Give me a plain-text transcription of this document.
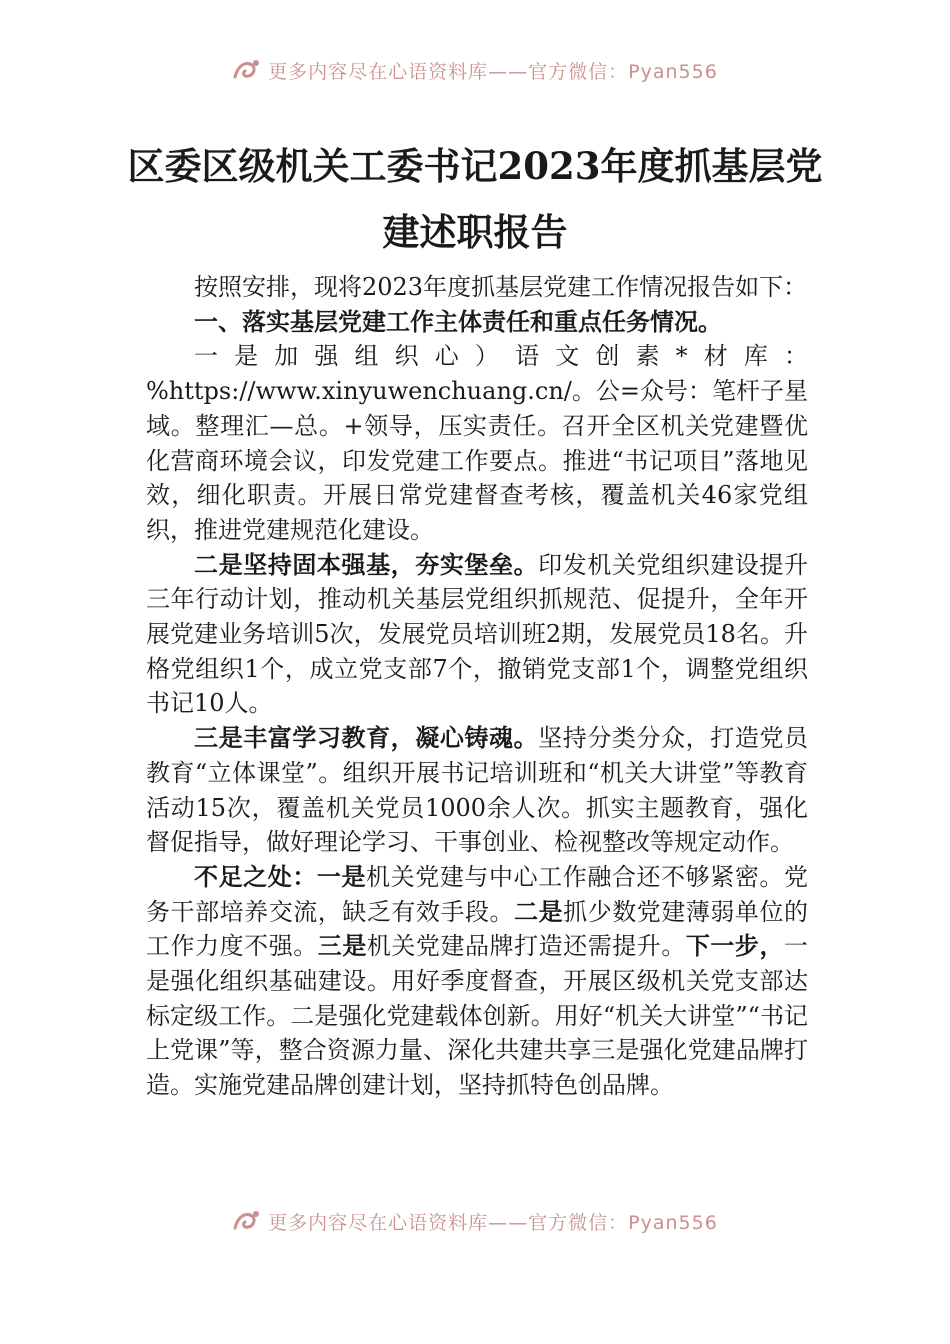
更多内容尽在心语资料库——官方微信：Pyan556
区委区级机关工委书记2023年度抓基层党
建述职报告

按照安排，现将2023年度抓基层党建工作情况报告如下：

一、落实基层党建工作主体责任和重点任务情况。

一是加强组织心）语文创素*材库：%https://www.xinyuwenchuang.cn/。公=众号：笔杆子星域。整理汇—总。+领导，压实责任。召开全区机关党建暨优化营商环境会议，印发党建工作要点。推进“书记项目”落地见效，细化职责。开展日常党建督查考核，覆盖机关46家党组织，推进党建规范化建设。

二是坚持固本强基，夯实堡垒。印发机关党组织建设提升三年行动计划，推动机关基层党组织抓规范、促提升，全年开展党建业务培训5次，发展党员培训班2期，发展党员18名。升格党组织1个，成立党支部7个，撤销党支部1个，调整党组织书记10人。

三是丰富学习教育，凝心铸魂。坚持分类分众，打造党员教育“立体课堂”。组织开展书记培训班和“机关大讲堂”等教育活动15次，覆盖机关党员1000余人次。抓实主题教育，强化督促指导，做好理论学习、干事创业、检视整改等规定动作。

不足之处：一是机关党建与中心工作融合还不够紧密。党务干部培养交流，缺乏有效手段。二是抓少数党建薄弱单位的工作力度不强。三是机关党建品牌打造还需提升。下一步，一是强化组织基础建设。用好季度督查，开展区级机关党支部达标定级工作。二是强化党建载体创新。用好“机关大讲堂”“书记上党课”等，整合资源力量、深化共建共享三是强化党建品牌打造。实施党建品牌创建计划，坚持抓特色创品牌。

更多内容尽在心语资料库——官方微信：Pyan556
